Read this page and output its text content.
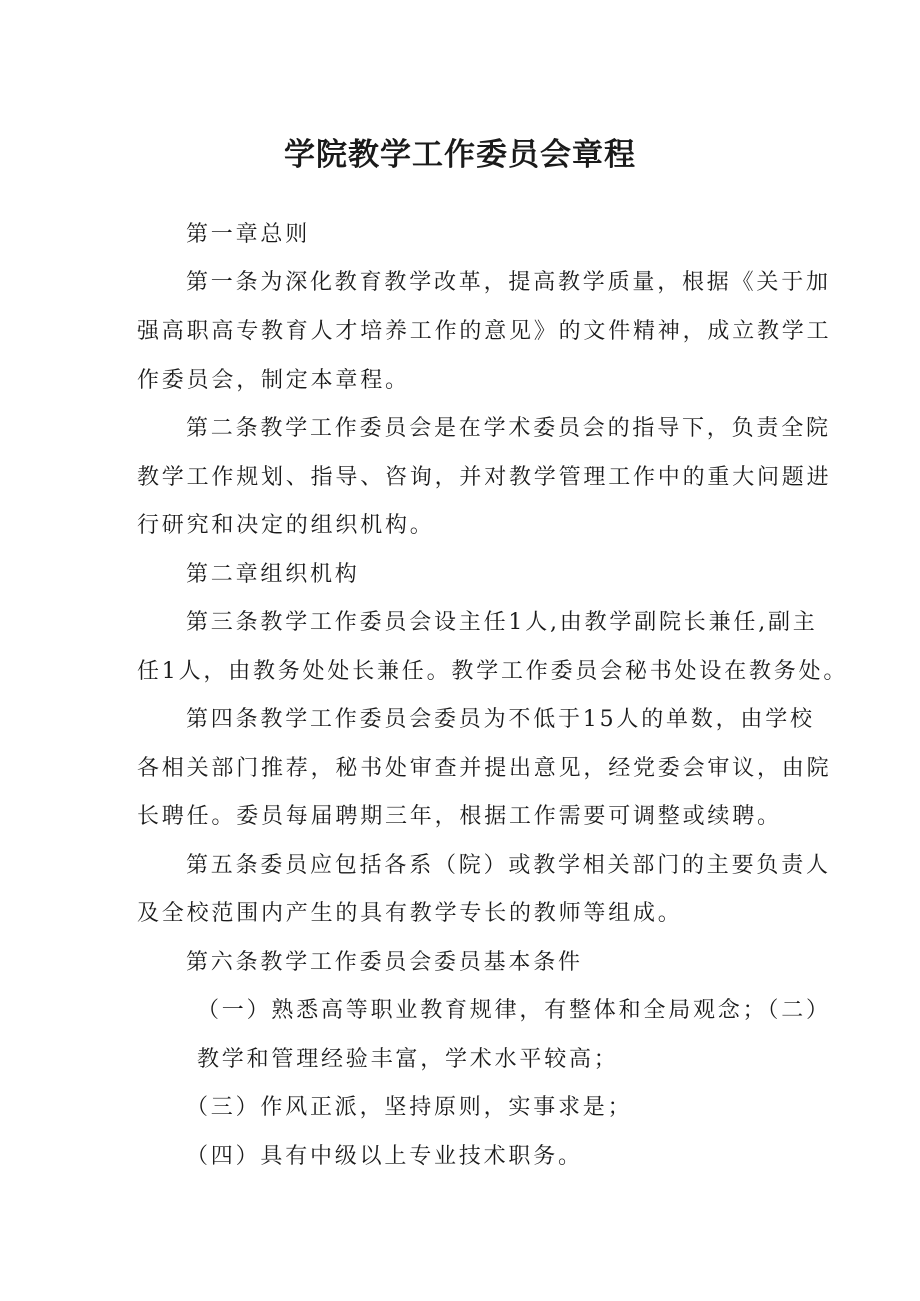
学院教学工作委员会章程
第一章总则
第一条为深化教育教学改革，提高教学质量，根据《关于加
强高职高专教育人才培养工作的意见》的文件精神，成立教学工
作委员会，制定本章程。
第二条教学工作委员会是在学术委员会的指导下，负责全院
教学工作规划、指导、咨询，并对教学管理工作中的重大问题进
行研究和决定的组织机构。
第二章组织机构
第三条教学工作委员会设主任1人,由教学副院长兼任,副主
任1人，由教务处处长兼任。教学工作委员会秘书处设在教务处。
第四条教学工作委员会委员为不低于15人的单数，由学校
各相关部门推荐，秘书处审查并提出意见，经党委会审议，由院
长聘任。委员每届聘期三年，根据工作需要可调整或续聘。
第五条委员应包括各系（院）或教学相关部门的主要负责人
及全校范围内产生的具有教学专长的教师等组成。
第六条教学工作委员会委员基本条件
（一）熟悉高等职业教育规律，有整体和全局观念；（二）
教学和管理经验丰富，学术水平较高；
（三）作风正派，坚持原则，实事求是；
（四）具有中级以上专业技术职务。
